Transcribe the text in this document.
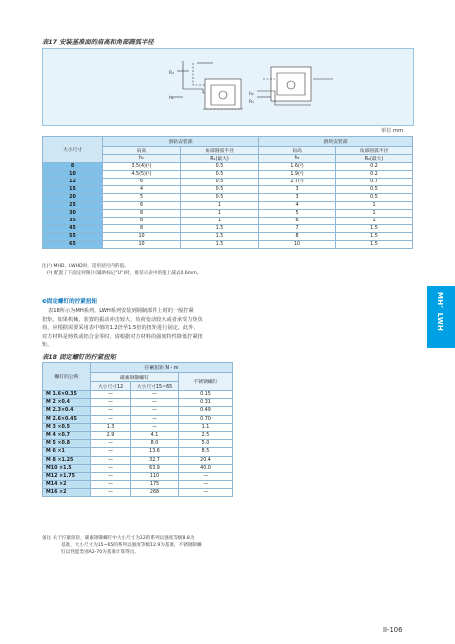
表17 安装基准面的肩高和角部圆弧半径
R₂
h₁
h₂
R₁
单位 mm
大小尺寸	滑轨安装部		滑块安装部	
	肩高	角部圆弧半径	肩高	角部圆弧半径
	h₁	R₁(最大)	h₂	R₂(最大)
8	3.5(4)(¹)	0.5	1.6(²)	0.2
10	4.5(5)(¹)	0.5	1.9(²)	0.2
12	6	0.5	2.7(²)	0.7
15	4	0.5	3	0.5
20	5	0.5	3	0.5
25	6	1	4	1
30	8	1	5	1
35	8	1	6	1
45	8	1.5	7	1.5
55	10	1.5	8	1.5
65	10	1.5	10	1.5
注(¹) MHD、LWHD时，适用括号内的值。
(²) 配置了下面定时限片(辅助标记“U”)时，推荐示表中的值上减去0.6mm。
❸固定螺钉的拧紧扭矩
表18所示为MH系列、LWH系列安装到钢制部件上时的一般拧紧
扭矩。如果机械、装置的振动冲击较大、负荷变动较大或者承受力矩负
荷，应根据需要采用表中值的1.2倍至1.5倍的扭矩进行固定。此外，
对方材料是铸铁或铝合金等时，请根据对方材料的强度特性降低拧紧扭
矩。
表18 固定螺钉的拧紧扭矩
螺钉的公称	拧紧扭矩 N・m		
	碳素钢制螺钉		不锈钢螺钉
	大小尺寸12	大小尺寸15~65	
M 1.6×0.35	—	—	0.15
M 2 ×0.4	—	—	0.31
M 2.3×0.4	—	—	0.49
M 2.6×0.45	—	—	0.70
M 3 ×0.5	1.3	—	1.1
M 4 ×0.7	2.9	4.1	2.5
M 5 ×0.8	—	8.0	5.0
M 6 ×1	—	13.6	8.5
M 8 ×1.25	—	32.7	20.4
M10 ×1.5	—	63.9	40.0
M12 ×1.75	—	110	—
M14 ×2	—	175	—
M16 ×2	—	268	—
备注 关于拧紧扭矩，碳素钢制螺钉中大小尺寸为12的系列以强度等级8.8为
基准，大小尺寸为15~65的系列以强度等级12.9为基准，不锈钢制螺
钉以性能类别A2-70为基准计算得出。
MH、LWH
II-106
